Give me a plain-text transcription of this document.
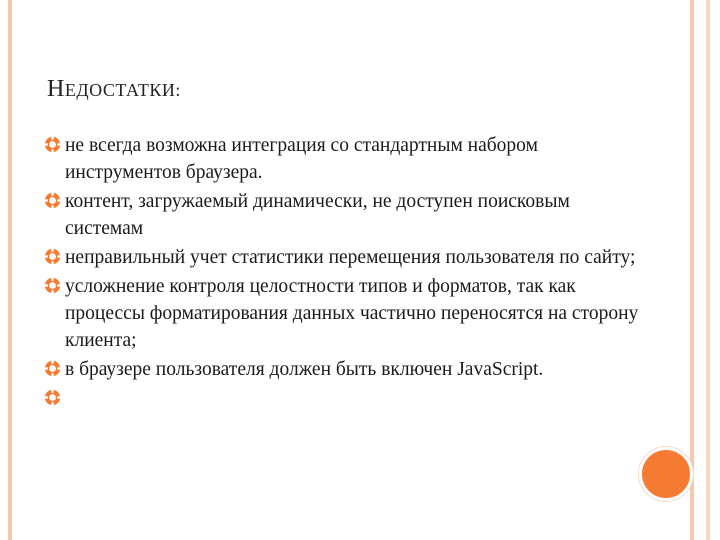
НЕДОСТАТКИ:
не всегда возможна интеграция со стандартным набором инструментов браузера.
контент, загружаемый динамически, не доступен поисковым системам
неправильный учет статистики перемещения пользователя по сайту;
усложнение контроля целостности типов и форматов, так как процессы форматирования данных частично переносятся на сторону клиента;
в браузере пользователя должен быть включен JavaScript.
